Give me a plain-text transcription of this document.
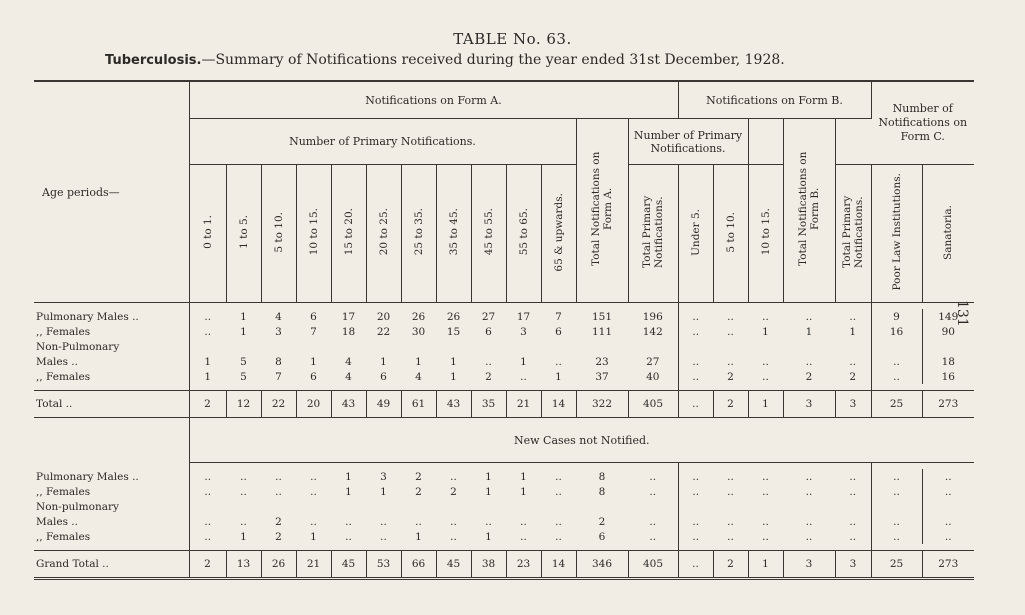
TABLE No. 63.
Tuberculosis.—Summary of Notifications received during the year ended 31st December, 1928.
131
Age periods—	Notifications on Form A.													Notifications on Form B.					Number of Notifications on Form C.	
	Number of Primary Notifications.											Total Notifications on Form A.	Number of Primary Notifications.				Total Notifications on Form B.			
	0 to 1.	1 to 5.	5 to 10.	10 to 15.	15 to 20.	20 to 25.	25 to 35.	35 to 45.	45 to 55.	55 to 65.	65 & upwards.		Total Primary Notifications.	Under 5.	5 to 10.	10 to 15.		Total Primary Notifications.	Poor Law Institutions.	Sanatoria.

Pulmonary Males ..	..	1	4	6	17	20	26	26	27	17	7	151	196	..	..	..	..	..	9	149
,, Females	..	1	3	7	18	22	30	15	6	3	6	111	142	..	..	1	1	1	16	90
Non-Pulmonary																				
Males ..	1	5	8	1	4	1	1	1	..	1	..	23	27	..	..	..	..	..	..	18
,, Females	1	5	7	6	4	6	4	1	2	..	1	37	40	..	2	..	2	2	..	16

Total ..	2	12	22	20	43	49	61	43	35	21	14	322	405	..	2	1	3	3	25	273
	New Cases not Notified.																			

Pulmonary Males ..	..	..	..	..	1	3	2	..	1	1	..	8	..	..	..	..	..	..	..	..
,, Females	..	..	..	..	1	1	2	2	1	1	..	8	..	..	..	..	..	..	..	..
Non-pulmonary																				
Males ..	..	..	2	..	..	..	..	..	..	..	..	2	..	..	..	..	..	..	..	..
,, Females	..	1	2	1	..	..	1	..	1	..	..	6	..	..	..	..	..	..	..	..

Grand Total ..	2	13	26	21	45	53	66	45	38	23	14	346	405	..	2	1	3	3	25	273
